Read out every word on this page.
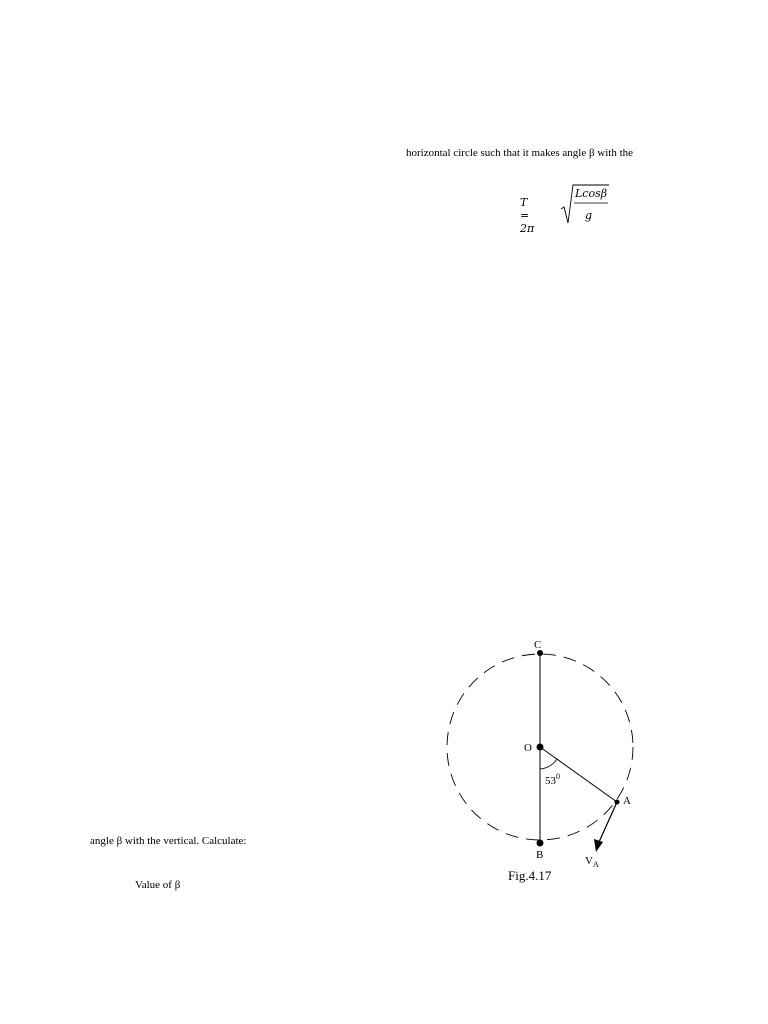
horizontal circle such that it makes angle β with the
T = 2π
Lcosβ
g
C
O
B
A
$53^0$
$V_A$
Fig.4.17
angle β with the vertical. Calculate:
Value of β
